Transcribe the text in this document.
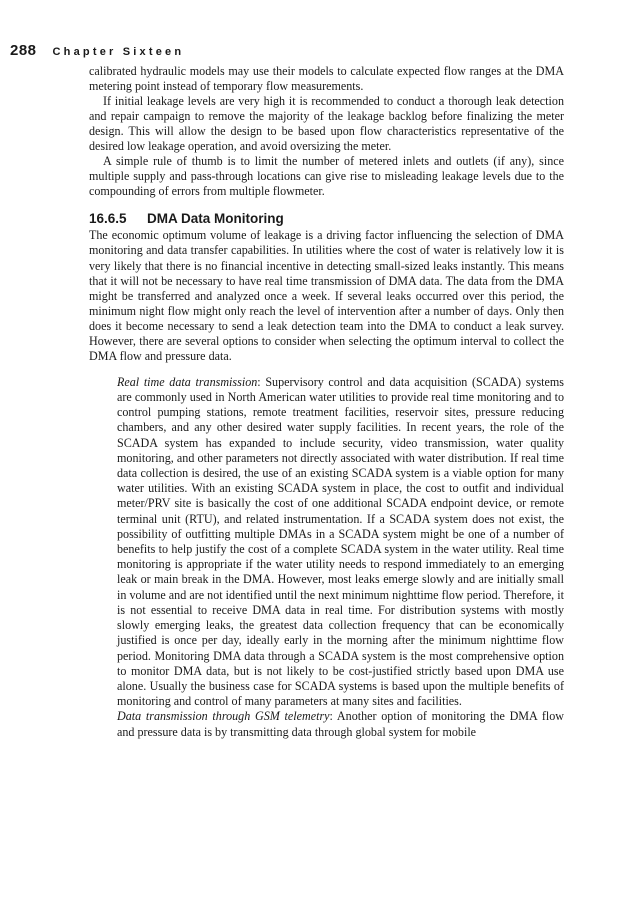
288 Chapter Sixteen

calibrated hydraulic models may use their models to calculate expected flow ranges at the DMA metering point instead of temporary flow measurements.

If initial leakage levels are very high it is recommended to conduct a thorough leak detection and repair campaign to remove the majority of the leakage backlog before finalizing the meter design. This will allow the design to be based upon flow characteristics representative of the desired low leakage operation, and avoid oversizing the meter.

A simple rule of thumb is to limit the number of metered inlets and outlets (if any), since multiple supply and pass-through locations can give rise to misleading leakage levels due to the compounding of errors from multiple flowmeter.

16.6.5 DMA Data Monitoring

The economic optimum volume of leakage is a driving factor influencing the selection of DMA monitoring and data transfer capabilities. In utilities where the cost of water is relatively low it is very likely that there is no financial incentive in detecting small-sized leaks instantly. This means that it will not be necessary to have real time transmission of DMA data. The data from the DMA might be transferred and analyzed once a week. If several leaks occurred over this period, the minimum night flow might only reach the level of intervention after a number of days. Only then does it become necessary to send a leak detection team into the DMA to conduct a leak survey. However, there are several options to consider when selecting the optimum interval to collect the DMA flow and pressure data.

Real time data transmission: Supervisory control and data acquisition (SCADA) systems are commonly used in North American water utilities to provide real time monitoring and to control pumping stations, remote treatment facilities, reservoir sites, pressure reducing chambers, and any other desired water supply facilities. In recent years, the role of the SCADA system has expanded to include security, video transmission, water quality monitoring, and other parameters not directly associated with water distribution. If real time data collection is desired, the use of an existing SCADA system is a viable option for many water utilities. With an existing SCADA system in place, the cost to outfit and individual meter/PRV site is basically the cost of one additional SCADA endpoint device, or remote terminal unit (RTU), and related instrumentation. If a SCADA system does not exist, the possibility of outfitting multiple DMAs in a SCADA system might be one of a number of benefits to help justify the cost of a complete SCADA system in the water utility. Real time monitoring is appropriate if the water utility needs to respond immediately to an emerging leak or main break in the DMA. However, most leaks emerge slowly and are initially small in volume and are not identified until the next minimum nighttime flow period. Therefore, it is not essential to receive DMA data in real time. For distribution systems with mostly slowly emerging leaks, the greatest data collection frequency that can be economically justified is once per day, ideally early in the morning after the minimum nighttime flow period. Monitoring DMA data through a SCADA system is the most comprehensive option to monitor DMA data, but is not likely to be cost-justified strictly based upon DMA use alone. Usually the business case for SCADA systems is based upon the multiple benefits of monitoring and control of many parameters at many sites and facilities.

Data transmission through GSM telemetry: Another option of monitoring the DMA flow and pressure data is by transmitting data through global system for mobile
